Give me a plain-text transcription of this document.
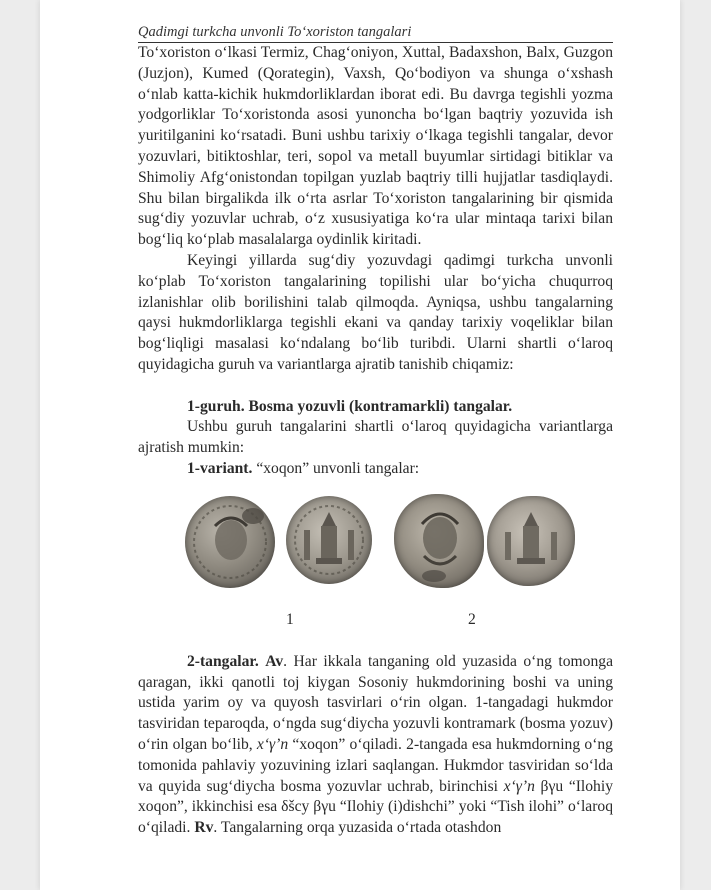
Qadimgi turkcha unvonli To‘xoriston tangalari

To‘xoriston o‘lkasi Termiz, Chag‘oniyon, Xuttal, Badaxshon, Balx, Guzgon (Juzjon), Kumed (Qorategin), Vaxsh, Qo‘bodiyon va shunga o‘xshash o‘nlab katta-kichik hukmdorliklardan iborat edi. Bu davrga tegishli yozma yodgorliklar To‘xoristonda asosi yunoncha bo‘lgan baqtriy yozuvida ish yuritilganini ko‘rsatadi. Buni ushbu tarixiy o‘lkaga tegishli tangalar, devor yozuvlari, bitiktoshlar, teri, sopol va metall buyumlar sirtidagi bitiklar va Shimoliy Afg‘onistondan topilgan yuzlab baqtriy tilli hujjatlar tasdiqlaydi. Shu bilan birgalikda ilk o‘rta asrlar To‘xoriston tangalarining bir qismida sug‘diy yozuvlar uchrab, o‘z xususiyatiga ko‘ra ular mintaqa tarixi bilan bog‘liq ko‘plab masalalarga oydinlik kiritadi.

Keyingi yillarda sug‘diy yozuvdagi qadimgi turkcha unvonli ko‘plab To‘xoriston tangalarining topilishi ular bo‘yicha chuqurroq izlanishlar olib borilishini talab qilmoqda. Ayniqsa, ushbu tangalarning qaysi hukmdorliklarga tegishli ekani va qanday tarixiy voqeliklar bilan bog‘liqligi masalasi ko‘ndalang bo‘lib turibdi. Ularni shartli o‘laroq quyidagicha guruh va variantlarga ajratib tanishib chiqamiz:

1-guruh. Bosma yozuvli (kontramarkli) tangalar.

Ushbu guruh tangalarini shartli o‘laroq quyidagicha variantlarga ajratish mumkin:

1-variant. “xoqon” unvonli tangalar:

1	2

2-tangalar. Av. Har ikkala tanganing old yuzasida o‘ng tomonga qaragan, ikki qanotli toj kiygan Sosoniy hukmdorining boshi va uning ustida yarim oy va quyosh tasvirlari o‘rin olgan. 1-tangadagi hukmdor tasviridan teparoqda, o‘ngda sug‘diycha yozuvli kontramark (bosma yozuv) o‘rin olgan bo‘lib, x‘γ’n “xoqon” o‘qiladi. 2-tangada esa hukmdorning o‘ng tomonida pahlaviy yozuvining izlari saqlangan. Hukmdor tasviridan so‘lda va quyida sug‘diycha bosma yozuvlar uchrab, birinchisi x‘γ’n βγu “Ilohiy xoqon”, ikkinchisi esa δšcy βγu “Ilohiy (i)dishchi” yoki “Tish ilohi” o‘laroq o‘qiladi. Rv. Tangalarning orqa yuzasida o‘rtada otashdon
